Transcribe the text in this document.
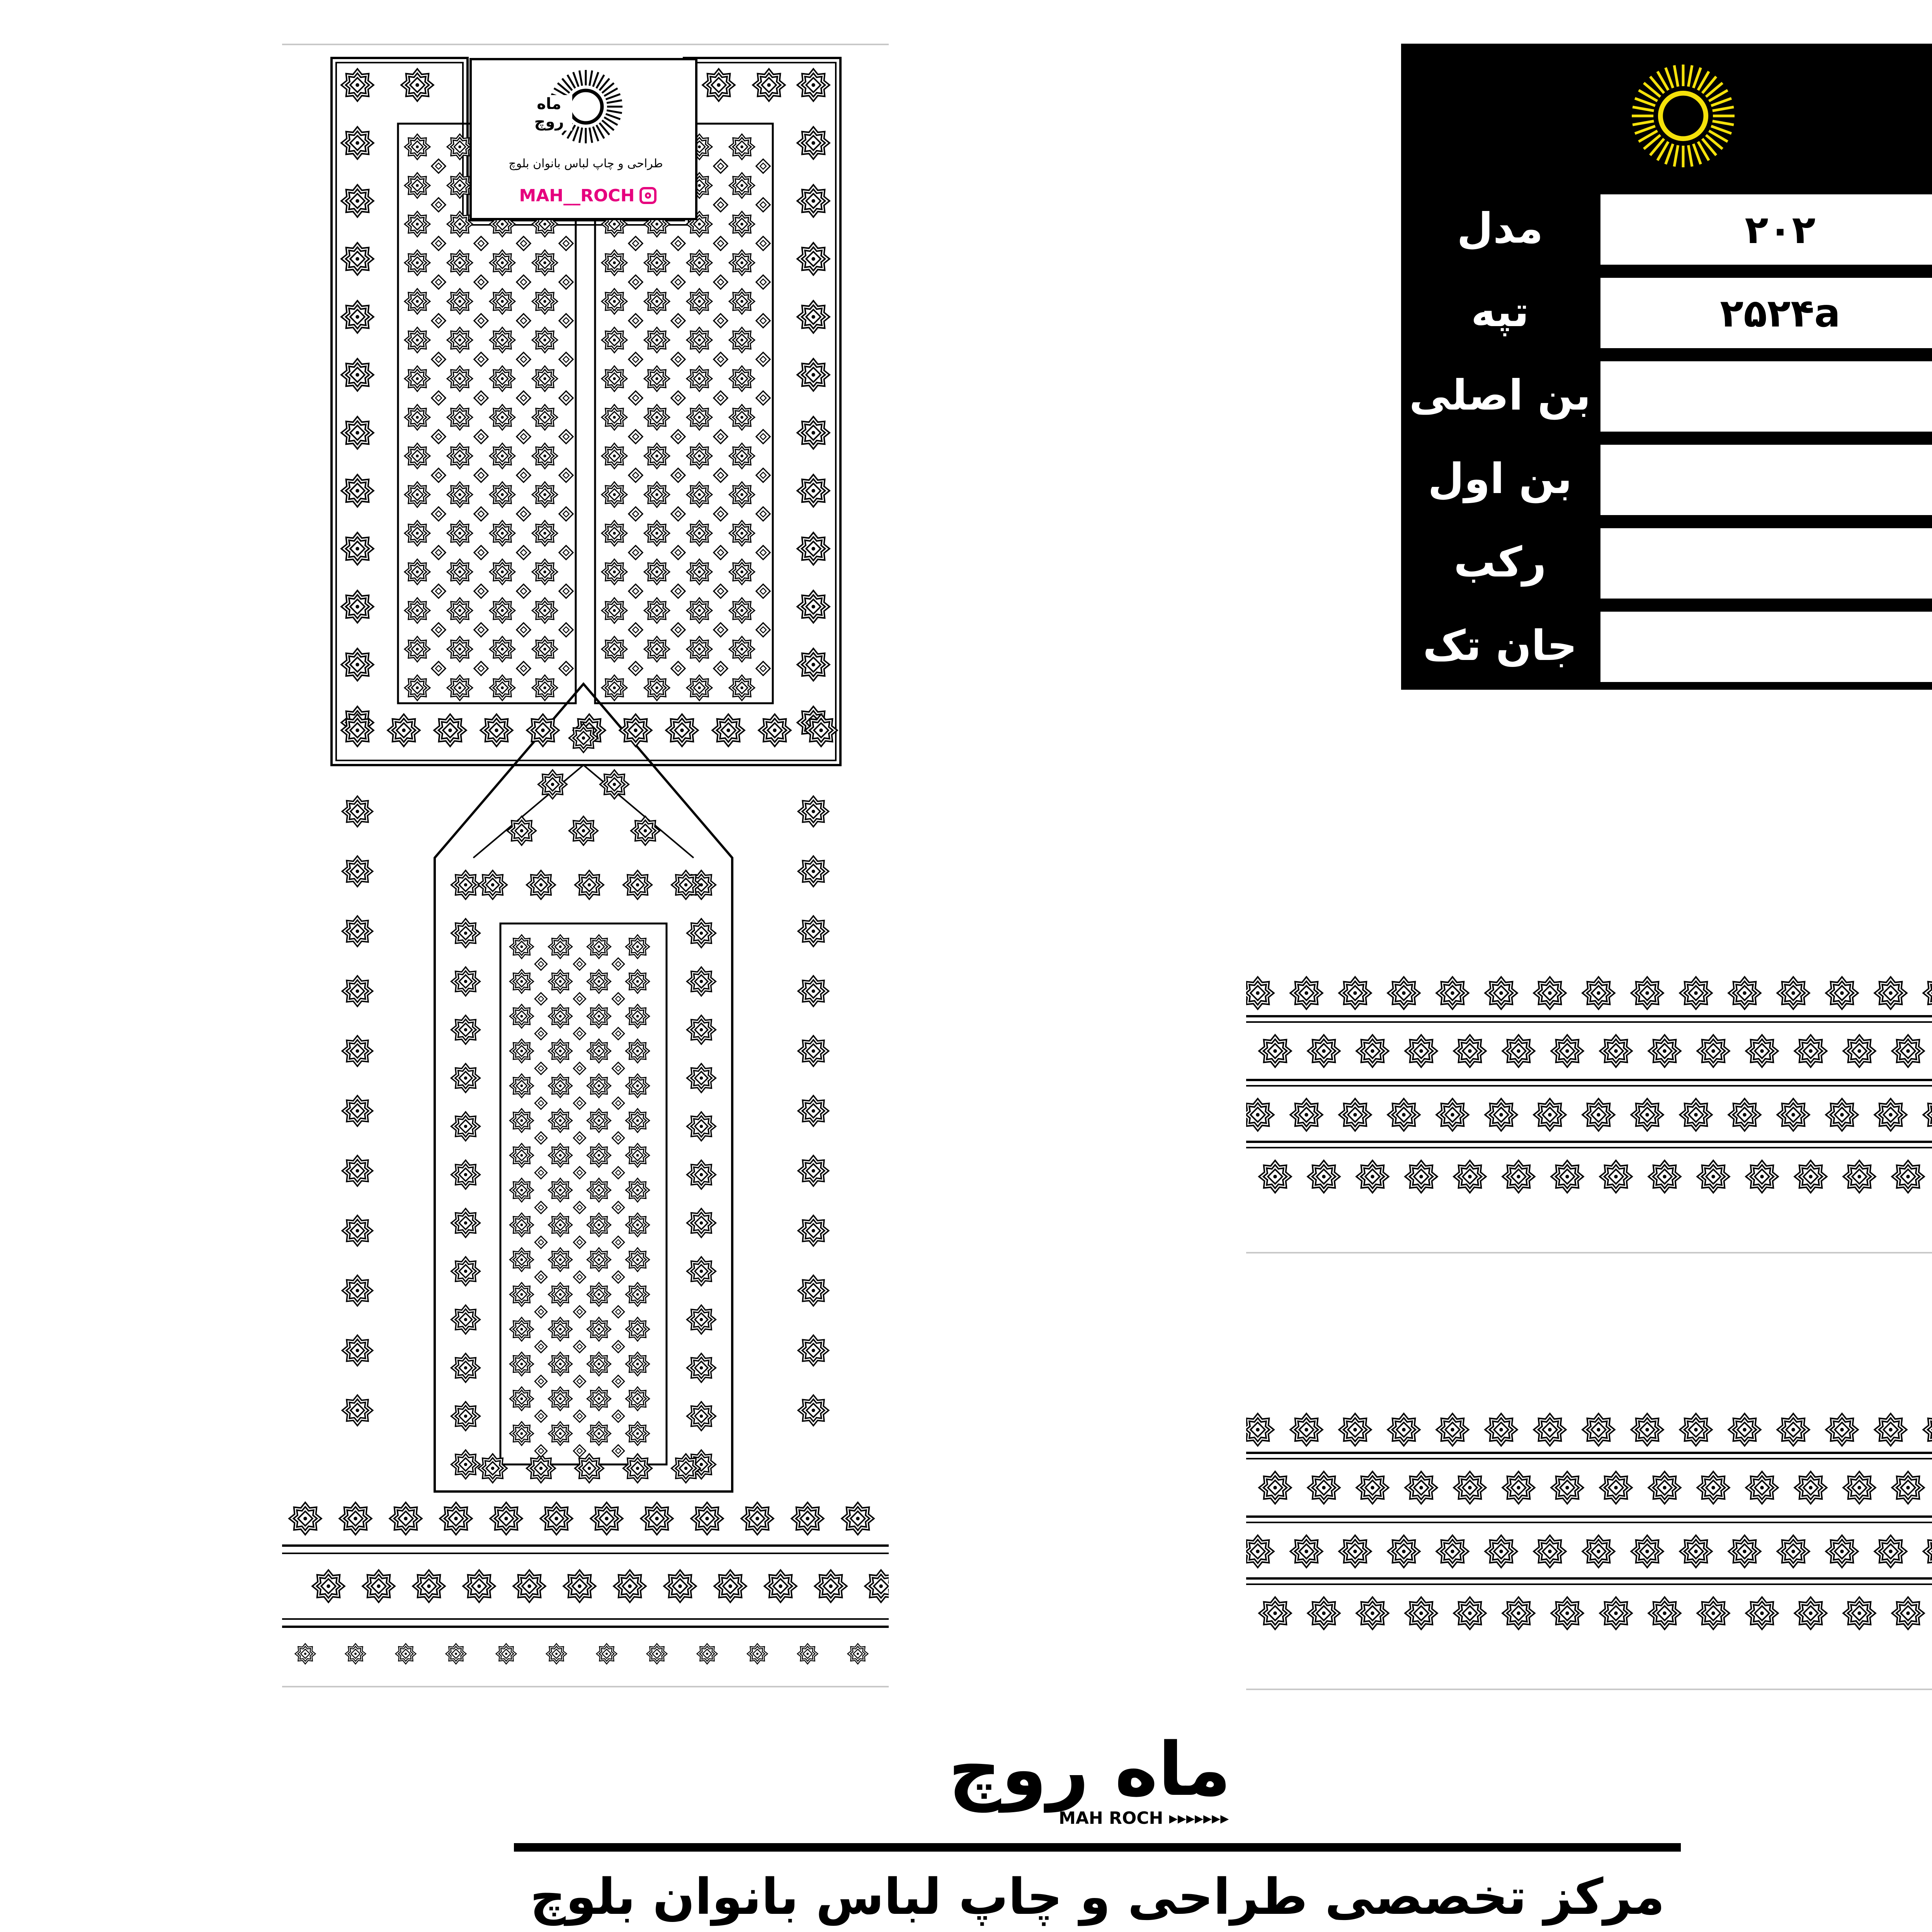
ماه روچ
طراحی و چاپ لباس بانوان بلوچ
MAH__ROCH
مدل	۲۰۲
تپه	۲۵۲۴a
بن اصلی
بن اول
رکب
جان تک
ماه روچ
MAH ROCH ▸▸▸▸▸▸▸
مرکز تخصصی طراحی و چاپ لباس بانوان بلوچ
